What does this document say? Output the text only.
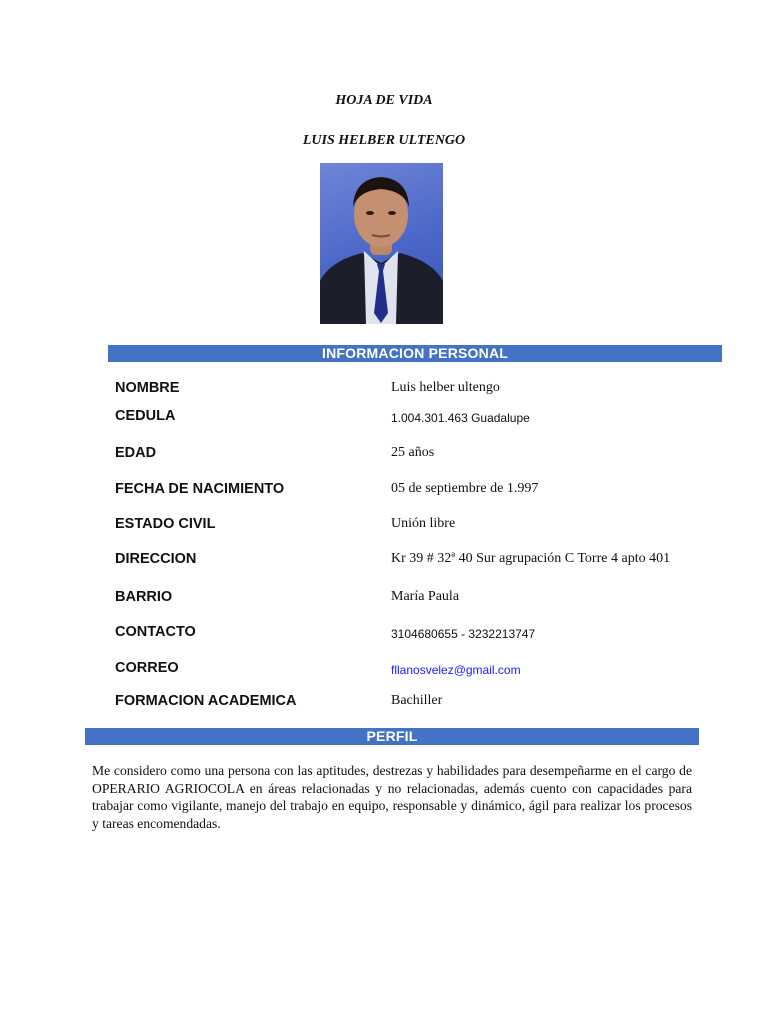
HOJA DE VIDA
LUIS HELBER ULTENGO
INFORMACION PERSONAL
NOMBRE	Luis helber ultengo
CEDULA	1.004.301.463 Guadalupe
EDAD	25 años
FECHA DE NACIMIENTO	05 de septiembre de 1.997
ESTADO CIVIL	Unión libre
DIRECCION	Kr 39 # 32ª 40 Sur agrupación C Torre 4 apto 401
BARRIO	María Paula
CONTACTO	3104680655 - 3232213747
CORREO	fllanosvelez@gmail.com
FORMACION ACADEMICA	Bachiller
PERFIL
Me considero como una persona con las aptitudes, destrezas y habilidades para desempeñarme en el cargo de OPERARIO AGRIOCOLA en áreas relacionadas y no relacionadas, además cuento con capacidades para trabajar como vigilante, manejo del trabajo en equipo, responsable y dinámico, ágil para realizar los procesos y tareas encomendadas.
